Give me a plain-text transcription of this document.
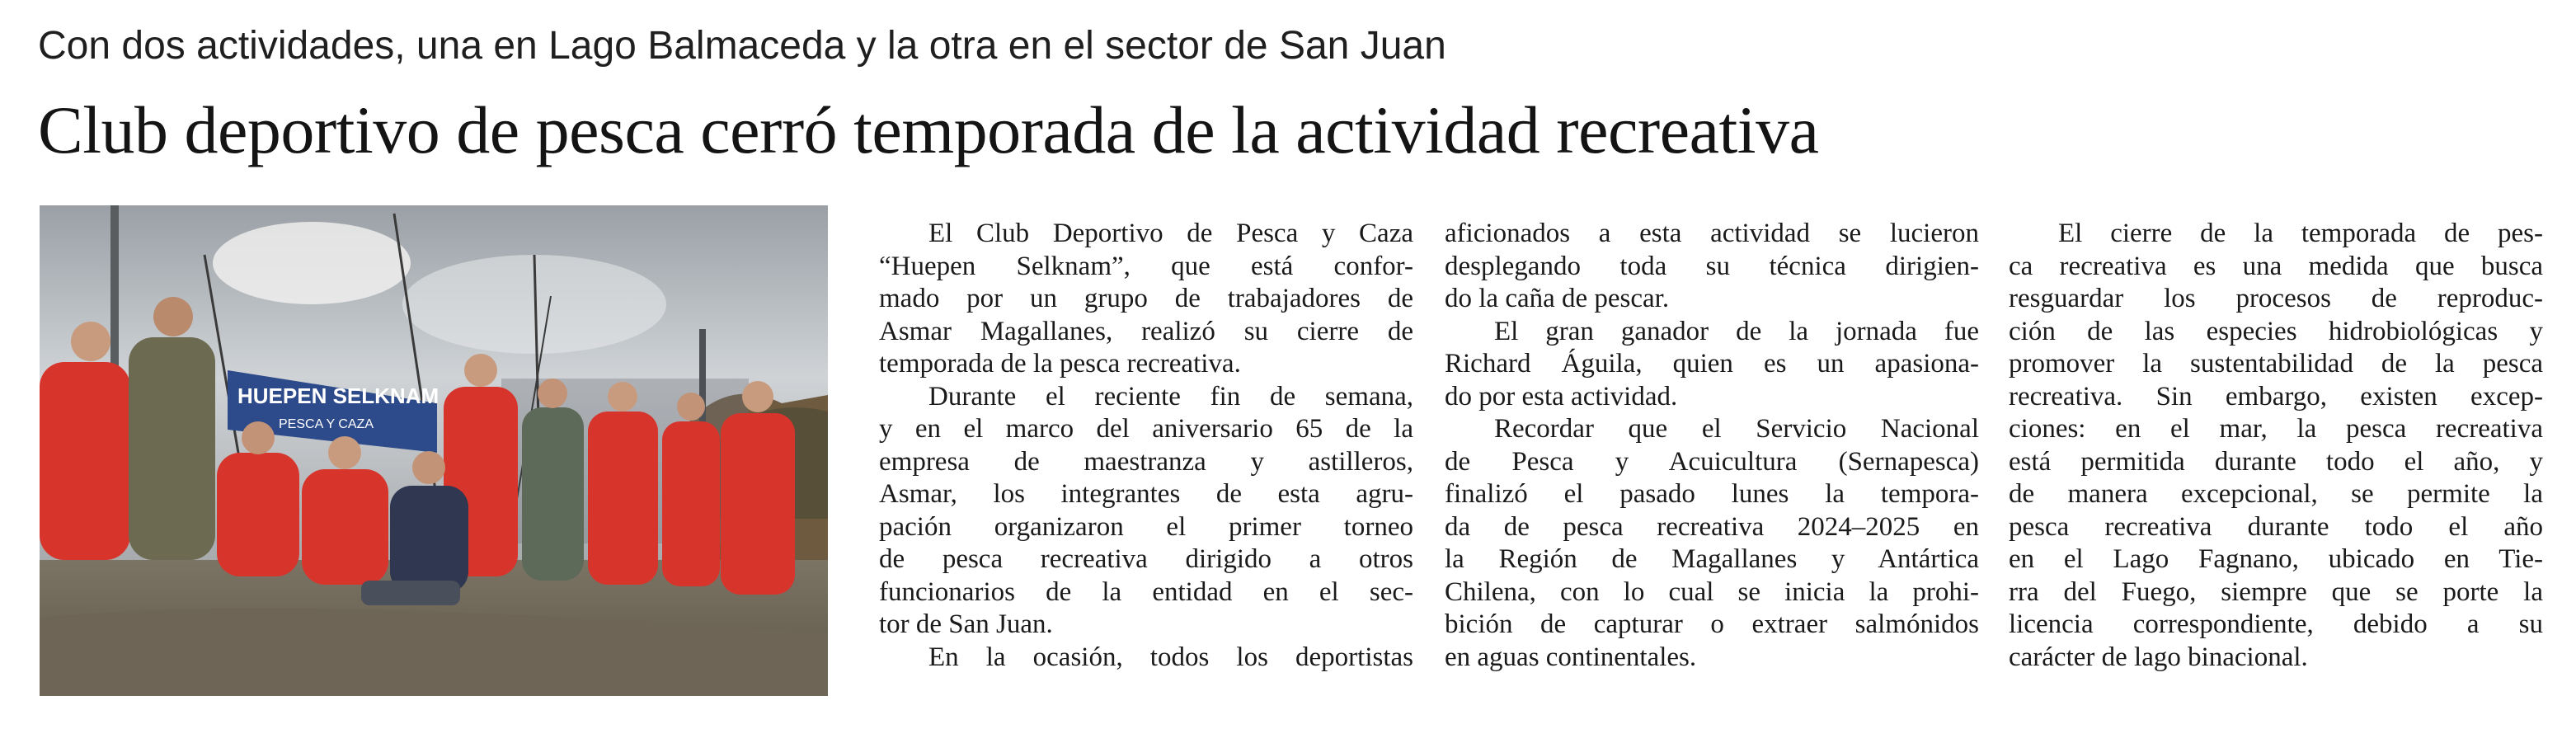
Con dos actividades, una en Lago Balmaceda y la otra en el sector de San Juan
Club deportivo de pesca cerró temporada de la actividad recreativa
HUEPEN SELKNAM
PESCA Y CAZA
El Club Deportivo de Pesca y Caza
“Huepen Selknam”, que está confor-
mado por un grupo de trabajadores de
Asmar Magallanes, realizó su cierre de
temporada de la pesca recreativa.
Durante el reciente fin de semana,
y en el marco del aniversario 65 de la
empresa de maestranza y astilleros,
Asmar, los integrantes de esta agru-
pación organizaron el primer torneo
de pesca recreativa dirigido a otros
funcionarios de la entidad en el sec-
tor de San Juan.
En la ocasión, todos los deportistas
aficionados a esta actividad se lucieron
desplegando toda su técnica dirigien-
do la caña de pescar.
El gran ganador de la jornada fue
Richard Águila, quien es un apasiona-
do por esta actividad.
Recordar que el Servicio Nacional
de Pesca y Acuicultura (Sernapesca)
finalizó el pasado lunes la tempora-
da de pesca recreativa 2024–2025 en
la Región de Magallanes y Antártica
Chilena, con lo cual se inicia la prohi-
bición de capturar o extraer salmónidos
en aguas continentales.
El cierre de la temporada de pes-
ca recreativa es una medida que busca
resguardar los procesos de reproduc-
ción de las especies hidrobiológicas y
promover la sustentabilidad de la pesca
recreativa. Sin embargo, existen excep-
ciones: en el mar, la pesca recreativa
está permitida durante todo el año, y
de manera excepcional, se permite la
pesca recreativa durante todo el año
en el Lago Fagnano, ubicado en Tie-
rra del Fuego, siempre que se porte la
licencia correspondiente, debido a su
carácter de lago binacional.
